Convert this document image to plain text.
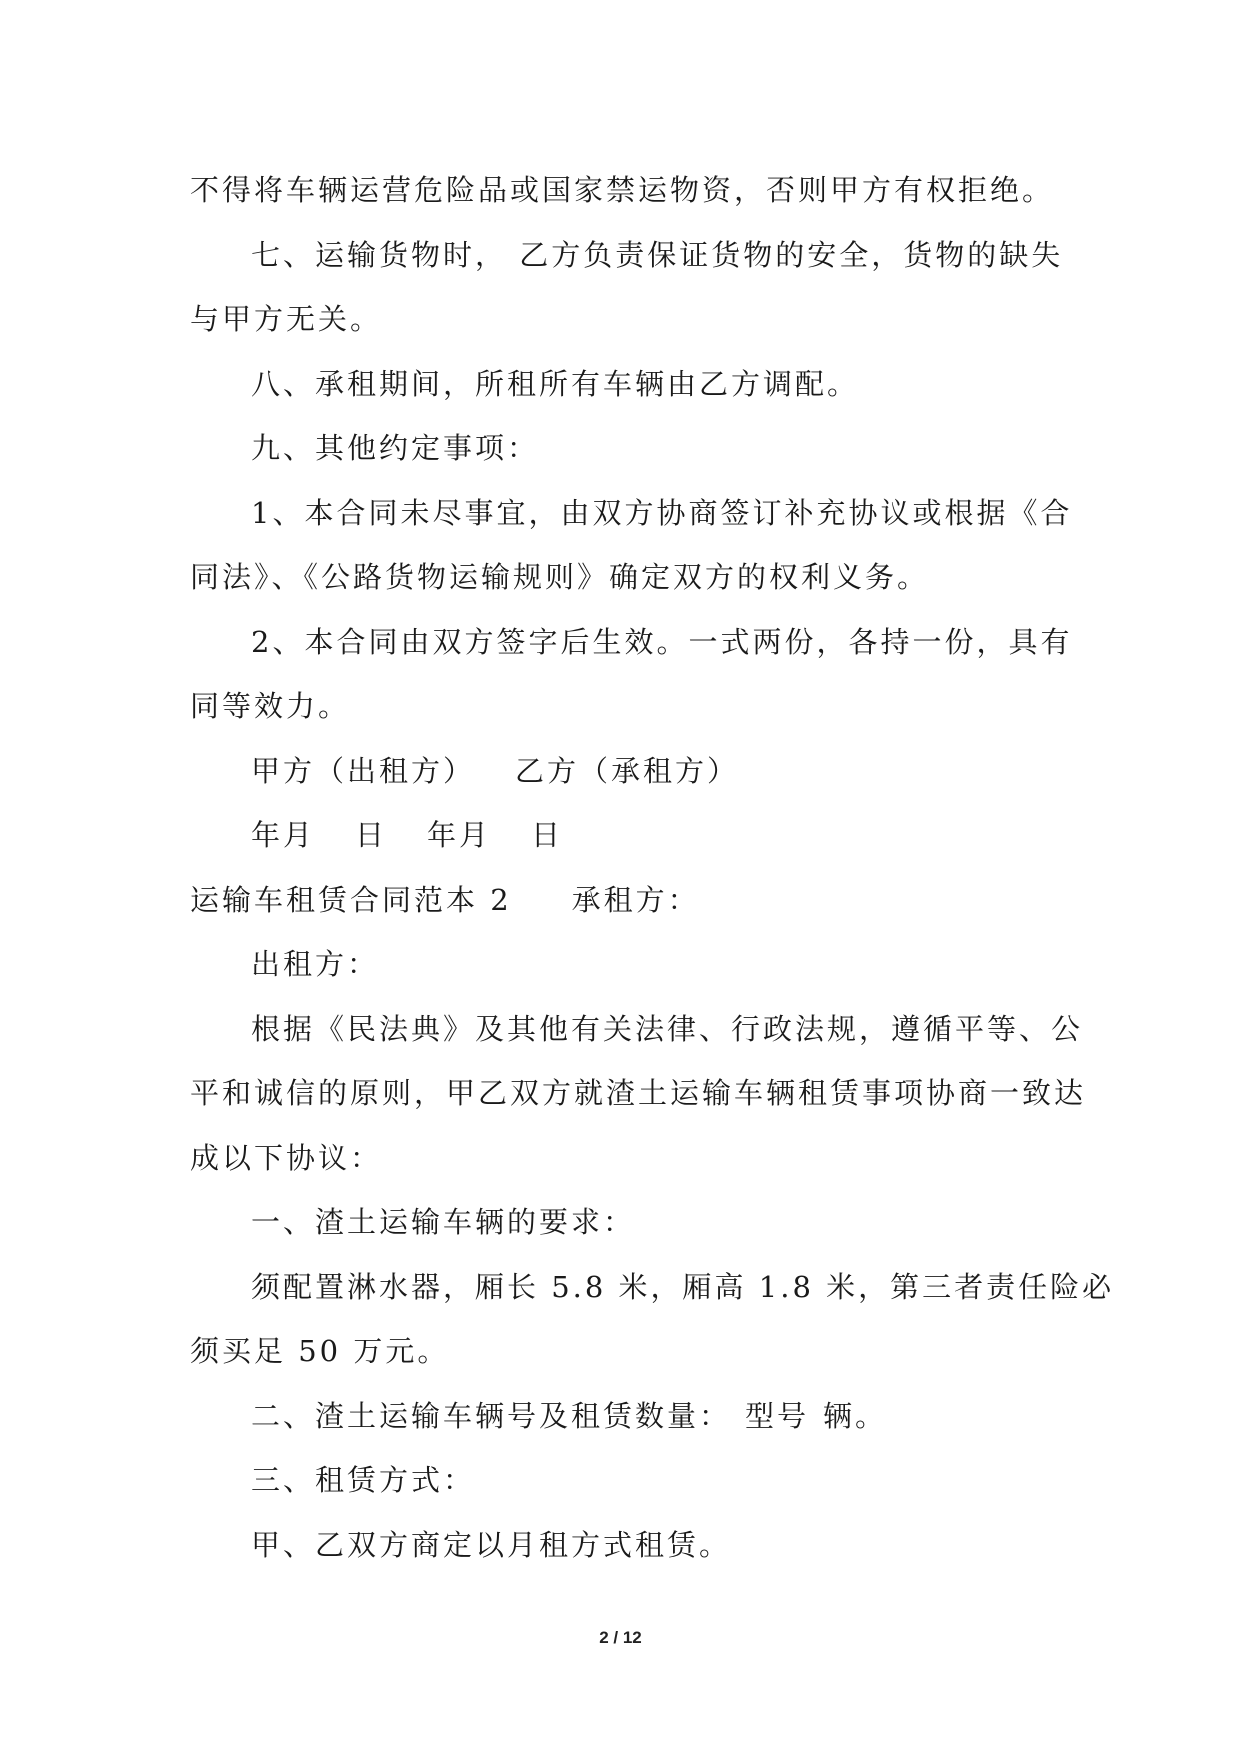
不得将车辆运营危险品或国家禁运物资，否则甲方有权拒绝。
七、运输货物时， 乙方负责保证货物的安全，货物的缺失
与甲方无关。
八、承租期间，所租所有车辆由乙方调配。
九、其他约定事项：
1、本合同未尽事宜，由双方协商签订补充协议或根据《合
同法》、《公路货物运输规则》确定双方的权利义务。
2、本合同由双方签字后生效。一式两份，各持一份，具有
同等效力。
甲方（出租方） 乙方（承租方）
年月 日 年月 日
运输车租赁合同范本 2 承租方：
出租方：
根据《民法典》及其他有关法律、行政法规，遵循平等、公
平和诚信的原则，甲乙双方就渣土运输车辆租赁事项协商一致达
成以下协议：
一、渣土运输车辆的要求：
须配置淋水器，厢长 5.8 米，厢高 1.8 米，第三者责任险必
须买足 50 万元。
二、渣土运输车辆号及租赁数量： 型号 辆。
三、租赁方式：
甲、乙双方商定以月租方式租赁。
2 / 12
